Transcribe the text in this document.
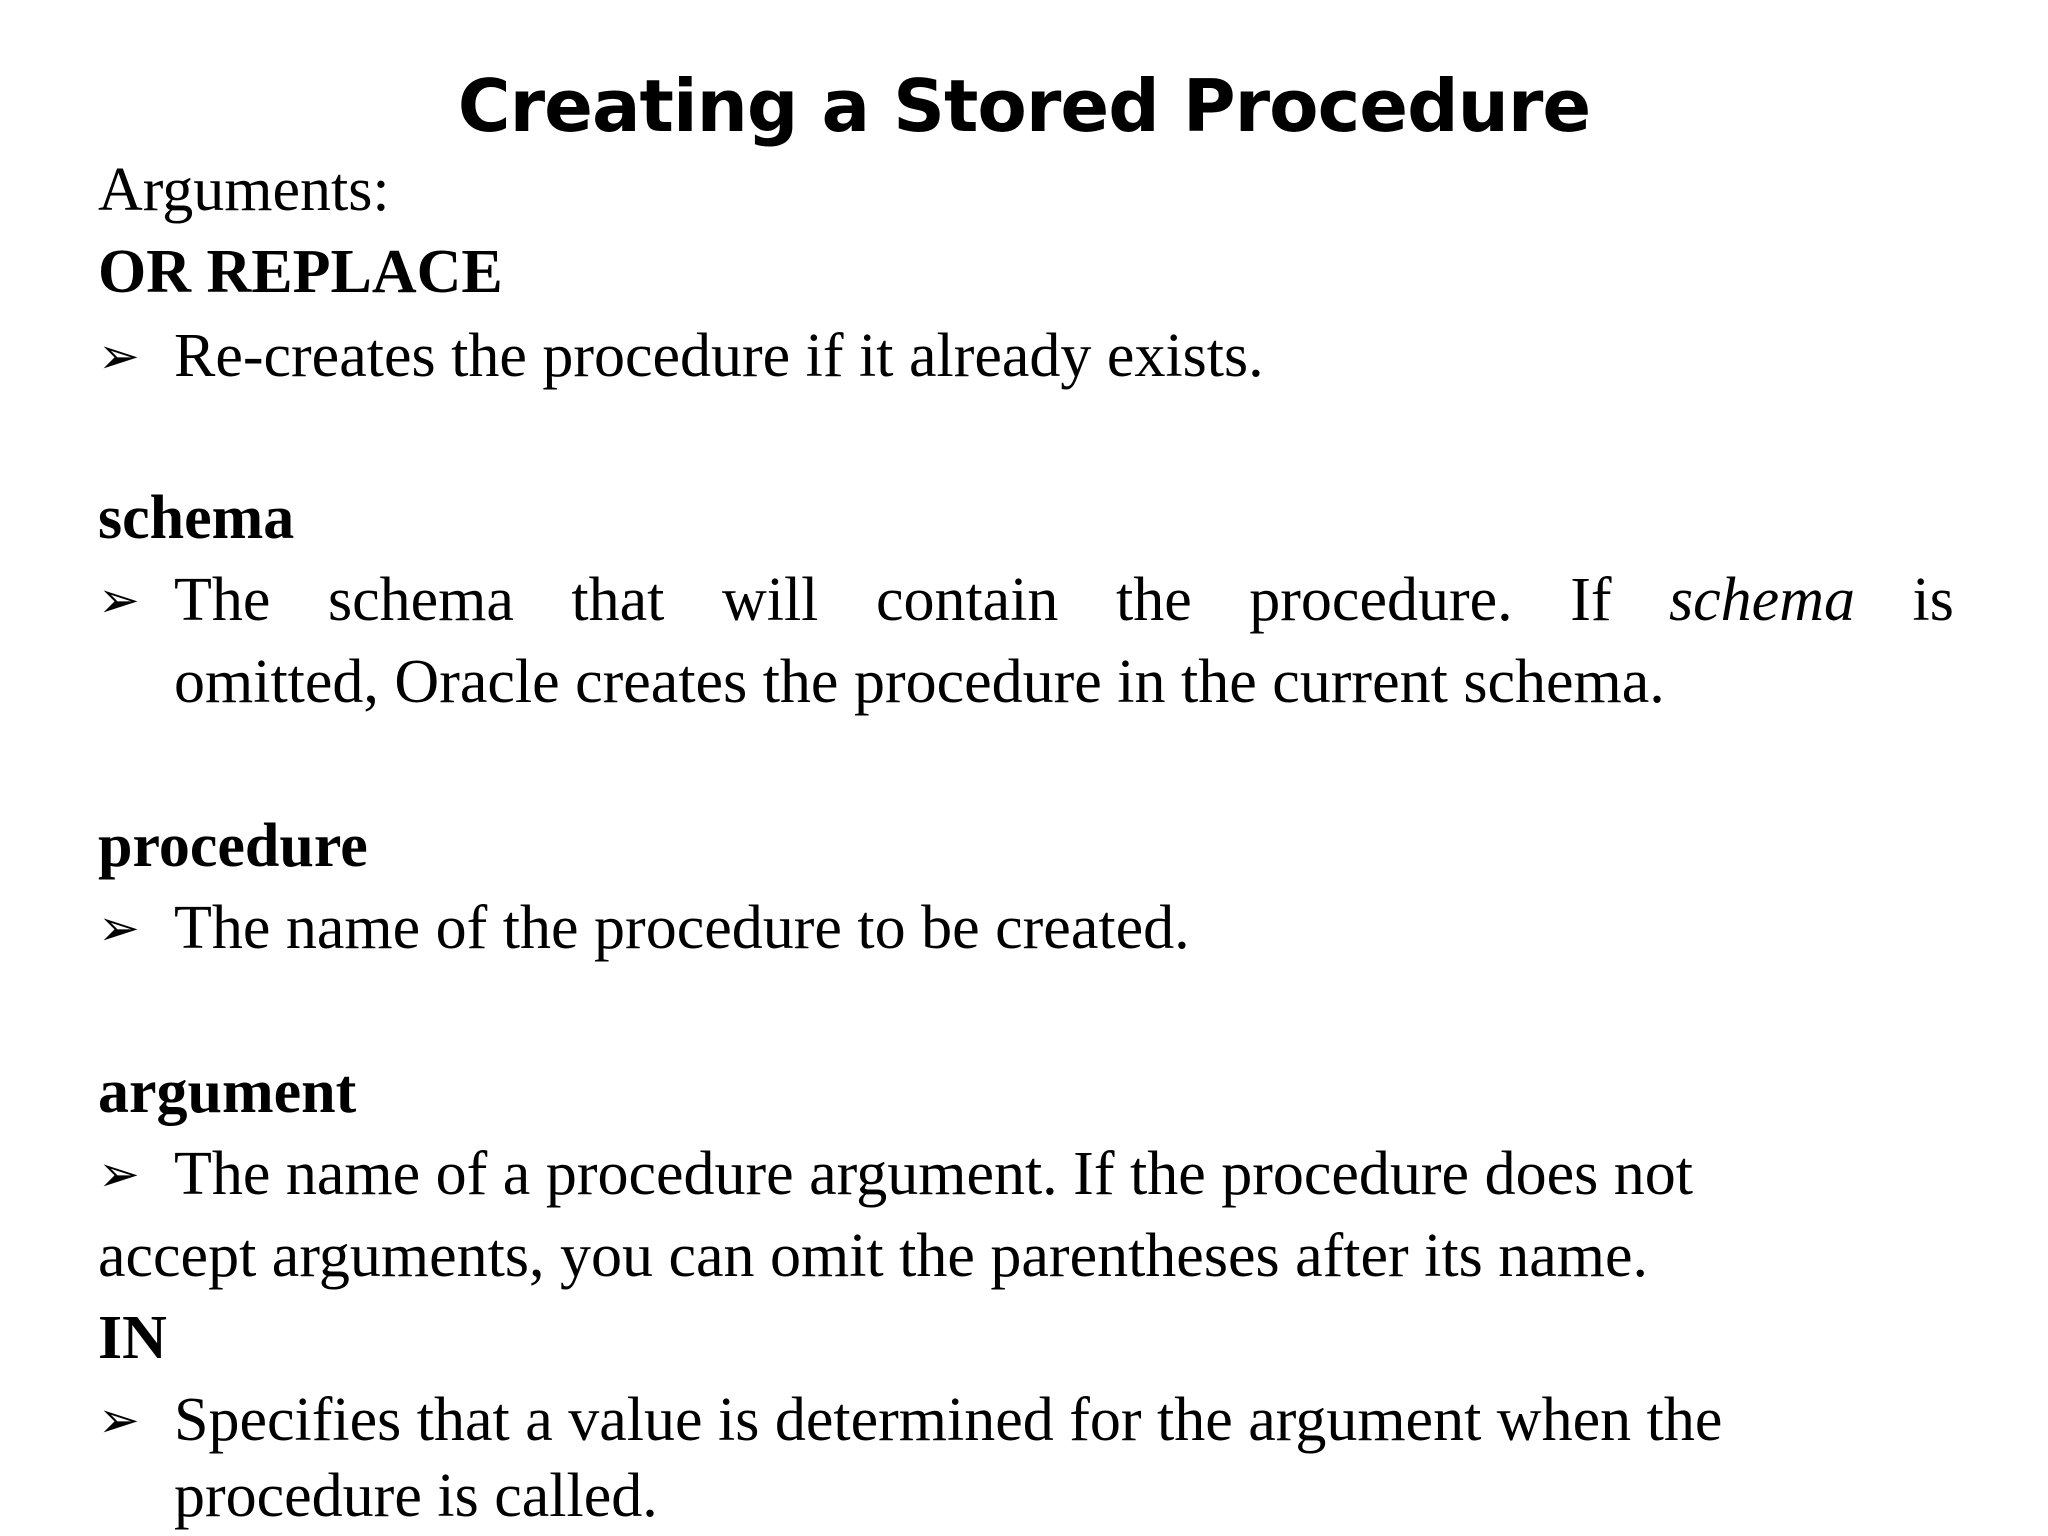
Creating a Stored Procedure
Arguments:
OR REPLACE
➢ Re-creates the procedure if it already exists.
schema
➢ The schema that will contain the procedure. If schema is
omitted, Oracle creates the procedure in the current schema.
procedure
➢ The name of the procedure to be created.
argument
➢ The name of a procedure argument. If the procedure does not
accept arguments, you can omit the parentheses after its name.
IN
➢ Specifies that a value is determined for the argument when the
procedure is called.
